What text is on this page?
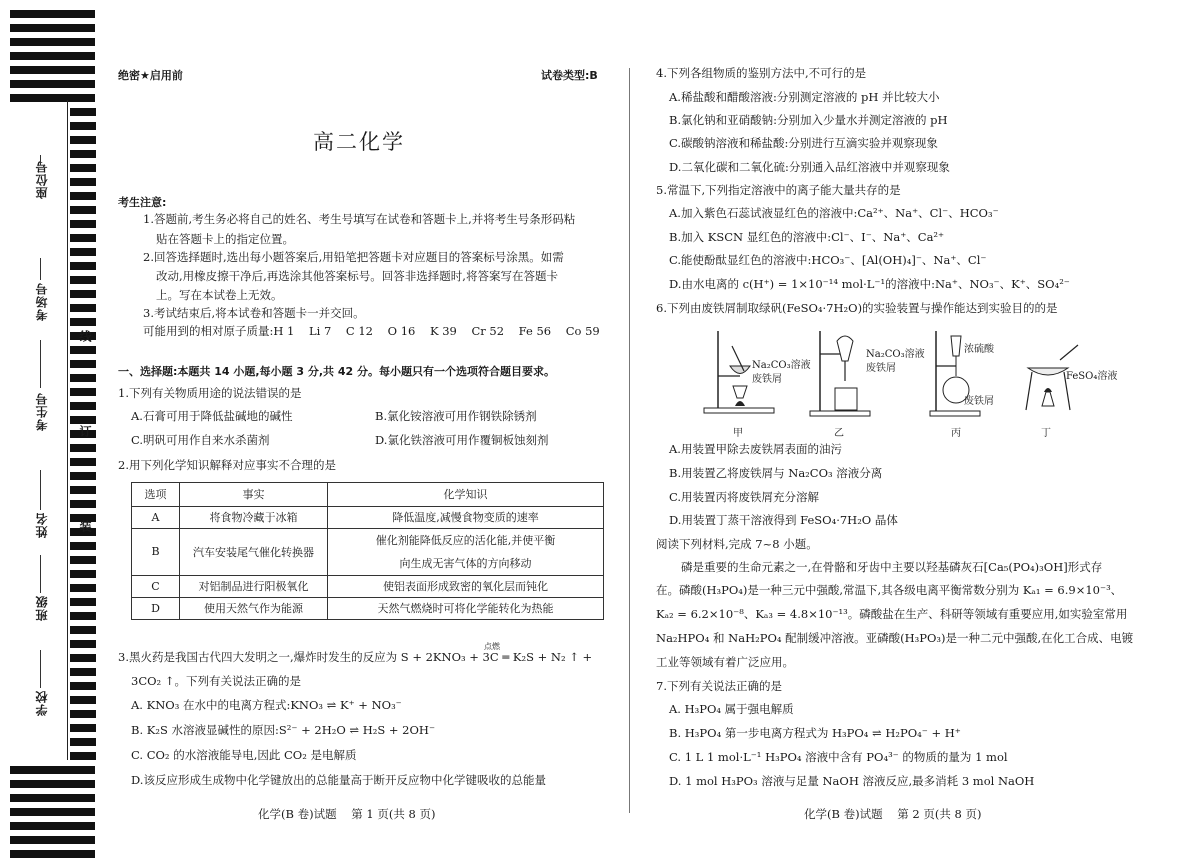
座位号
考场号
考生号
姓名
班级
学校
线
订
装
绝密★启用前	试卷类型:B
高二化学
考生注意:
1.答题前,考生务必将自己的姓名、考生号填写在试卷和答题卡上,并将考生号条形码粘
贴在答题卡上的指定位置。
2.回答选择题时,选出每小题答案后,用铅笔把答题卡对应题目的答案标号涂黑。如需
改动,用橡皮擦干净后,再选涂其他答案标号。回答非选择题时,将答案写在答题卡
上。写在本试卷上无效。
3.考试结束后,将本试卷和答题卡一并交回。
可能用到的相对原子质量:H 1    Li 7    C 12    O 16    K 39    Cr 52    Fe 56    Co 59
一、选择题:本题共 14 小题,每小题 3 分,共 42 分。每小题只有一个选项符合题目要求。
1.下列有关物质用途的说法错误的是
A.石膏可用于降低盐碱地的碱性	B.氯化铵溶液可用作钢铁除锈剂
C.明矾可用作自来水杀菌剂	D.氯化铁溶液可用作覆铜板蚀刻剂
2.用下列化学知识解释对应事实不合理的是
选项	事实	化学知识
A	将食物冷藏于冰箱	降低温度,减慢食物变质的速率
B	汽车安装尾气催化转换器	催化剂能降低反应的活化能,并使平衡
向生成无害气体的方向移动

C	对铝制品进行阳极氧化	使铝表面形成致密的氧化层而钝化
D	使用天然气作为能源	天然气燃烧时可将化学能转化为热能
3.黑火药是我国古代四大发明之一,爆炸时发生的反应为 S + 2KNO₃ + 3C ═ K₂S + N₂ ↑ +
点燃
3CO₂ ↑。下列有关说法正确的是
A. KNO₃ 在水中的电离方程式:KNO₃ ⇌ K⁺ + NO₃⁻
B. K₂S 水溶液显碱性的原因:S²⁻ + 2H₂O ⇌ H₂S + 2OH⁻
C. CO₂ 的水溶液能导电,因此 CO₂ 是电解质
D.该反应形成生成物中化学键放出的总能量高于断开反应物中化学键吸收的总能量
化学(B 卷)试题    第 1 页(共 8 页)
4.下列各组物质的鉴别方法中,不可行的是
A.稀盐酸和醋酸溶液:分别测定溶液的 pH 并比较大小
B.氯化钠和亚硝酸钠:分别加入少量水并测定溶液的 pH
C.碳酸钠溶液和稀盐酸:分别进行互滴实验并观察现象
D.二氧化碳和二氧化硫:分别通入品红溶液中并观察现象
5.常温下,下列指定溶液中的离子能大量共存的是
A.加入紫色石蕊试液显红色的溶液中:Ca²⁺、Na⁺、Cl⁻、HCO₃⁻
B.加入 KSCN 显红色的溶液中:Cl⁻、I⁻、Na⁺、Ca²⁺
C.能使酚酞显红色的溶液中:HCO₃⁻、[Al(OH)₄]⁻、Na⁺、Cl⁻
D.由水电离的 c(H⁺) = 1×10⁻¹⁴ mol·L⁻¹的溶液中:Na⁺、NO₃⁻、K⁺、SO₄²⁻
6.下列由废铁屑制取绿矾(FeSO₄·7H₂O)的实验装置与操作能达到实验目的的是
Na₂CO₃溶液
废铁屑
Na₂CO₃溶液
废铁屑
浓硫酸
废铁屑
FeSO₄溶液
甲	乙	丙	丁
A.用装置甲除去废铁屑表面的油污
B.用装置乙将废铁屑与 Na₂CO₃ 溶液分离
C.用装置丙将废铁屑充分溶解
D.用装置丁蒸干溶液得到 FeSO₄·7H₂O 晶体
阅读下列材料,完成 7~8 小题。
磷是重要的生命元素之一,在骨骼和牙齿中主要以羟基磷灰石[Ca₅(PO₄)₃OH]形式存
在。磷酸(H₃PO₄)是一种三元中强酸,常温下,其各级电离平衡常数分别为 Kₐ₁ = 6.9×10⁻³、
Kₐ₂ = 6.2×10⁻⁸、Kₐ₃ = 4.8×10⁻¹³。磷酸盐在生产、科研等领域有重要应用,如实验室常用
Na₂HPO₄ 和 NaH₂PO₄ 配制缓冲溶液。亚磷酸(H₃PO₃)是一种二元中强酸,在化工合成、电镀
工业等领域有着广泛应用。
7.下列有关说法正确的是
A. H₃PO₄ 属于强电解质
B. H₃PO₄ 第一步电离方程式为 H₃PO₄ ⇌ H₂PO₄⁻ + H⁺
C. 1 L 1 mol·L⁻¹ H₃PO₄ 溶液中含有 PO₄³⁻ 的物质的量为 1 mol
D. 1 mol H₃PO₃ 溶液与足量 NaOH 溶液反应,最多消耗 3 mol NaOH
化学(B 卷)试题    第 2 页(共 8 页)
